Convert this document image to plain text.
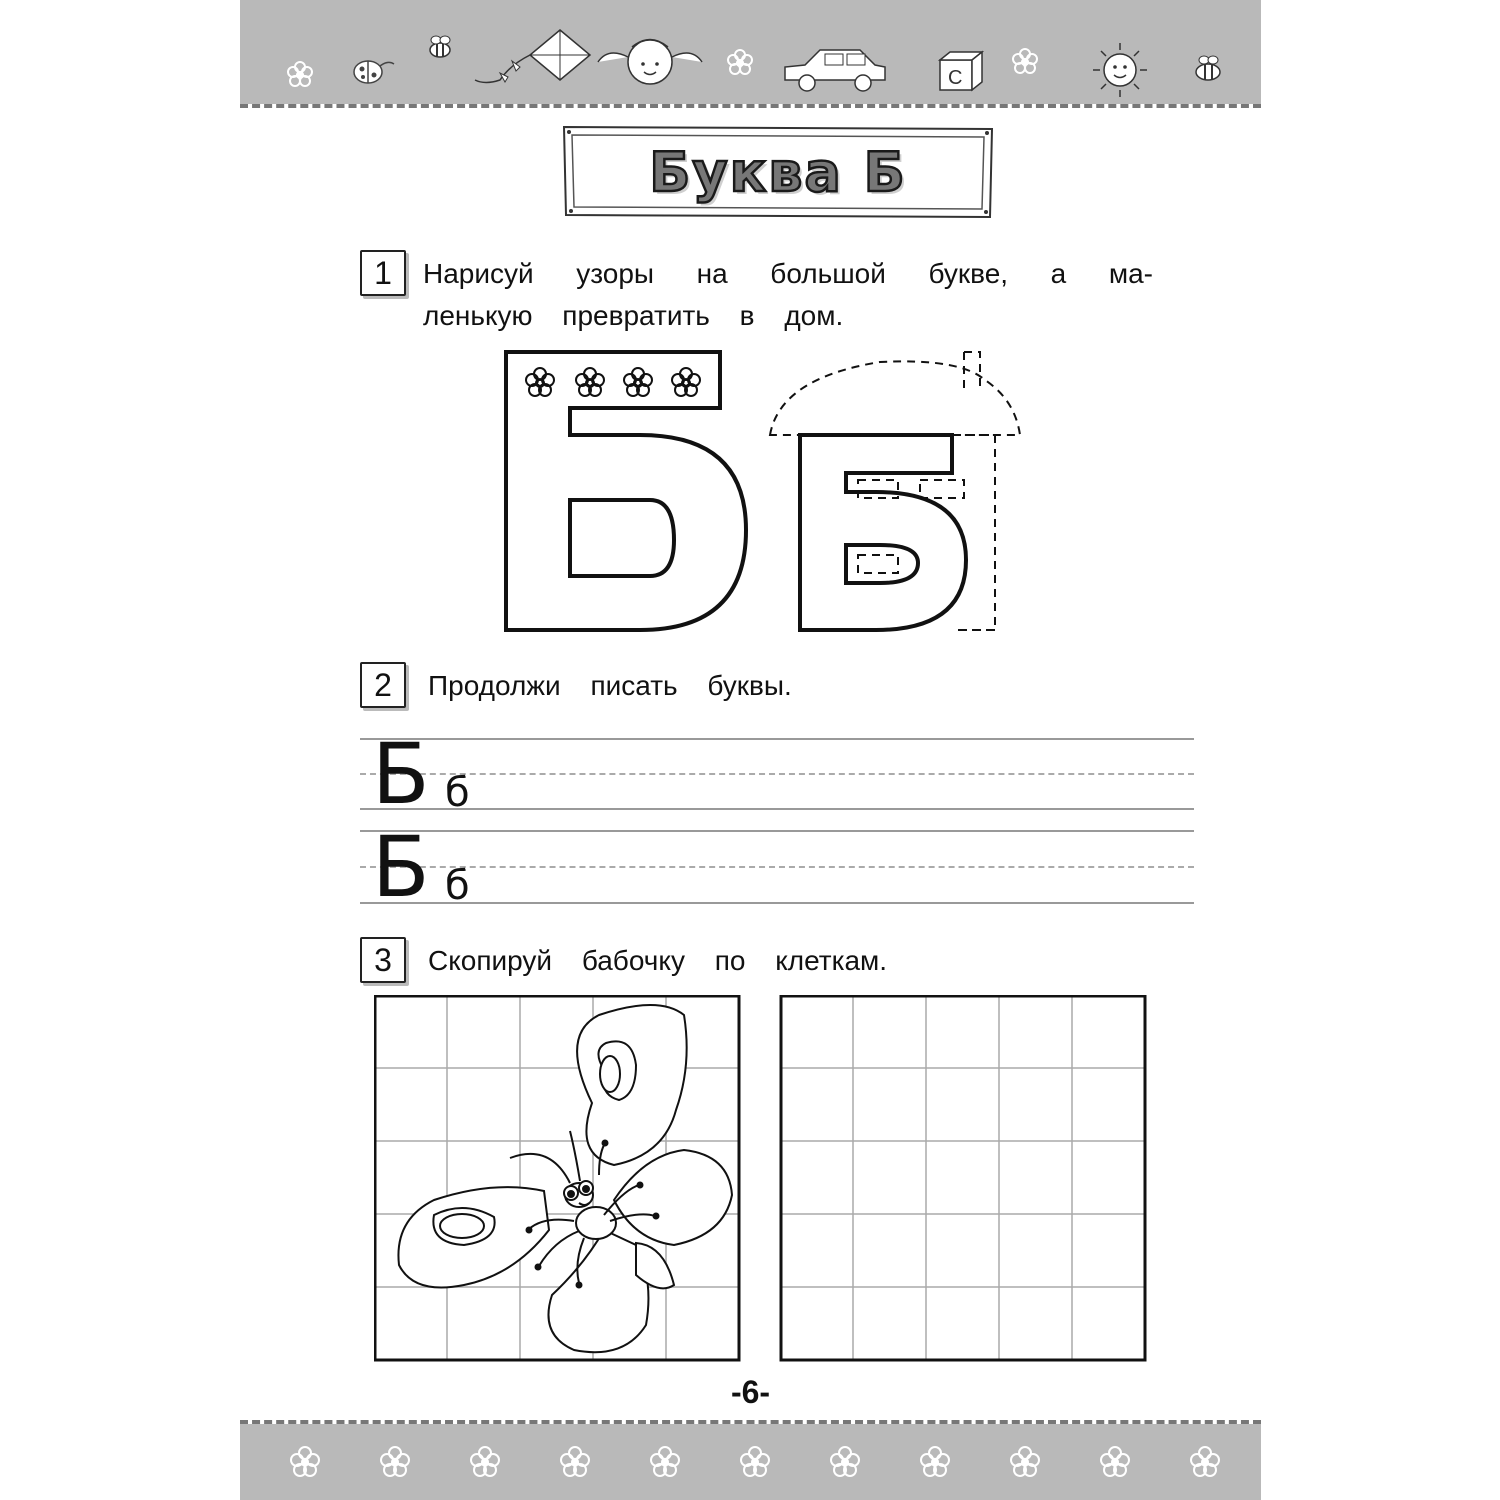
C
Буква Б
1	Нарисуй узоры на большой букве, а ма-
ленькую превратить в дом.
2	Продолжи писать буквы.
Б б
Б б
3	Скопируй бабочку по клеткам.
-6-
